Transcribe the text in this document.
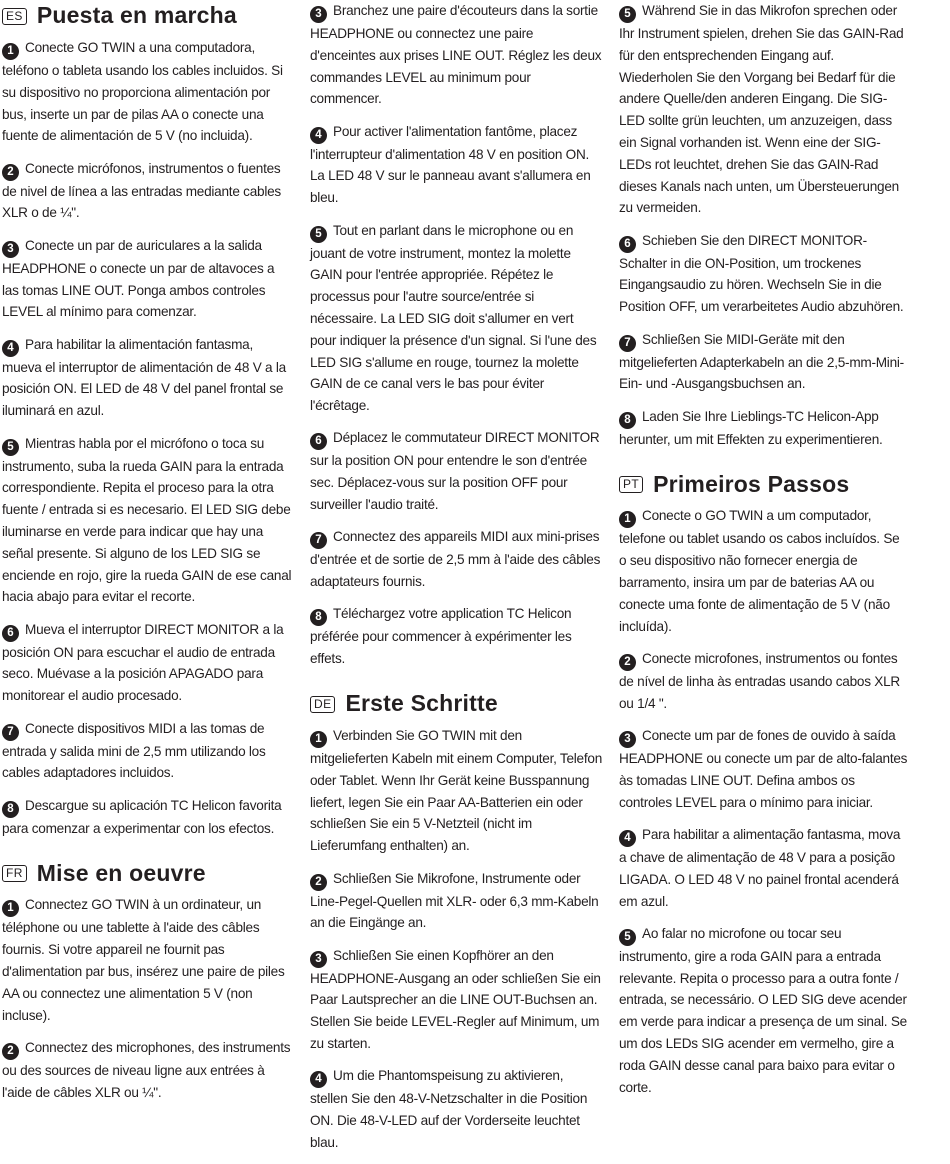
ES Puesta en marcha

1 Conecte GO TWIN a una computadora, teléfono o tableta usando los cables incluidos. Si su dispositivo no proporciona alimentación por bus, inserte un par de pilas AA o conecte una fuente de alimentación de 5 V (no incluida).

2 Conecte micrófonos, instrumentos o fuentes de nivel de línea a las entradas mediante cables XLR o de ¼".

3 Conecte un par de auriculares a la salida HEADPHONE o conecte un par de altavoces a las tomas LINE OUT. Ponga ambos controles LEVEL al mínimo para comenzar.

4 Para habilitar la alimentación fantasma, mueva el interruptor de alimentación de 48 V a la posición ON. El LED de 48 V del panel frontal se iluminará en azul.

5 Mientras habla por el micrófono o toca su instrumento, suba la rueda GAIN para la entrada correspondiente. Repita el proceso para la otra fuente / entrada si es necesario. El LED SIG debe iluminarse en verde para indicar que hay una señal presente. Si alguno de los LED SIG se enciende en rojo, gire la rueda GAIN de ese canal hacia abajo para evitar el recorte.

6 Mueva el interruptor DIRECT MONITOR a la posición ON para escuchar el audio de entrada seco. Muévase a la posición APAGADO para monitorear el audio procesado.

7 Conecte dispositivos MIDI a las tomas de entrada y salida mini de 2,5 mm utilizando los cables adaptadores incluidos.

8 Descargue su aplicación TC Helicon favorita para comenzar a experimentar con los efectos.

FR Mise en oeuvre

1 Connectez GO TWIN à un ordinateur, un téléphone ou une tablette à l'aide des câbles fournis. Si votre appareil ne fournit pas d'alimentation par bus, insérez une paire de piles AA ou connectez une alimentation 5 V (non incluse).

2 Connectez des microphones, des instruments ou des sources de niveau ligne aux entrées à l'aide de câbles XLR ou ¼".

3 Branchez une paire d'écouteurs dans la sortie HEADPHONE ou connectez une paire d'enceintes aux prises LINE OUT. Réglez les deux commandes LEVEL au minimum pour commencer.

4 Pour activer l'alimentation fantôme, placez l'interrupteur d'alimentation 48 V en position ON. La LED 48 V sur le panneau avant s'allumera en bleu.

5 Tout en parlant dans le microphone ou en jouant de votre instrument, montez la molette GAIN pour l'entrée appropriée. Répétez le processus pour l'autre source/entrée si nécessaire. La LED SIG doit s'allumer en vert pour indiquer la présence d'un signal. Si l'une des LED SIG s'allume en rouge, tournez la molette GAIN de ce canal vers le bas pour éviter l'écrêtage.

6 Déplacez le commutateur DIRECT MONITOR sur la position ON pour entendre le son d'entrée sec. Déplacez-vous sur la position OFF pour surveiller l'audio traité.

7 Connectez des appareils MIDI aux mini-prises d'entrée et de sortie de 2,5 mm à l'aide des câbles adaptateurs fournis.

8 Téléchargez votre application TC Helicon préférée pour commencer à expérimenter les effets.

DE Erste Schritte

1 Verbinden Sie GO TWIN mit den mitgelieferten Kabeln mit einem Computer, Telefon oder Tablet. Wenn Ihr Gerät keine Busspannung liefert, legen Sie ein Paar AA-Batterien ein oder schließen Sie ein 5 V-Netzteil (nicht im Lieferumfang enthalten) an.

2 Schließen Sie Mikrofone, Instrumente oder Line-Pegel-Quellen mit XLR- oder 6,3 mm-Kabeln an die Eingänge an.

3 Schließen Sie einen Kopfhörer an den HEADPHONE-Ausgang an oder schließen Sie ein Paar Lautsprecher an die LINE OUT-Buchsen an. Stellen Sie beide LEVEL-Regler auf Minimum, um zu starten.

4 Um die Phantomspeisung zu aktivieren, stellen Sie den 48-V-Netzschalter in die Position ON. Die 48-V-LED auf der Vorderseite leuchtet blau.

5 Während Sie in das Mikrofon sprechen oder Ihr Instrument spielen, drehen Sie das GAIN-Rad für den entsprechenden Eingang auf. Wiederholen Sie den Vorgang bei Bedarf für die andere Quelle/den anderen Eingang. Die SIG-LED sollte grün leuchten, um anzuzeigen, dass ein Signal vorhanden ist. Wenn eine der SIG-LEDs rot leuchtet, drehen Sie das GAIN-Rad dieses Kanals nach unten, um Übersteuerungen zu vermeiden.

6 Schieben Sie den DIRECT MONITOR-Schalter in die ON-Position, um trockenes Eingangsaudio zu hören. Wechseln Sie in die Position OFF, um verarbeitetes Audio abzuhören.

7 Schließen Sie MIDI-Geräte mit den mitgelieferten Adapterkabeln an die 2,5-mm-Mini-Ein- und -Ausgangsbuchsen an.

8 Laden Sie Ihre Lieblings-TC Helicon-App herunter, um mit Effekten zu experimentieren.

PT Primeiros Passos

1 Conecte o GO TWIN a um computador, telefone ou tablet usando os cabos incluídos. Se o seu dispositivo não fornecer energia de barramento, insira um par de baterias AA ou conecte uma fonte de alimentação de 5 V (não incluída).

2 Conecte microfones, instrumentos ou fontes de nível de linha às entradas usando cabos XLR ou 1/4 ".

3 Conecte um par de fones de ouvido à saída HEADPHONE ou conecte um par de alto-falantes às tomadas LINE OUT. Defina ambos os controles LEVEL para o mínimo para iniciar.

4 Para habilitar a alimentação fantasma, mova a chave de alimentação de 48 V para a posição LIGADA. O LED 48 V no painel frontal acenderá em azul.

5 Ao falar no microfone ou tocar seu instrumento, gire a roda GAIN para a entrada relevante. Repita o processo para a outra fonte / entrada, se necessário. O LED SIG deve acender em verde para indicar a presença de um sinal. Se um dos LEDs SIG acender em vermelho, gire a roda GAIN desse canal para baixo para evitar o corte.
